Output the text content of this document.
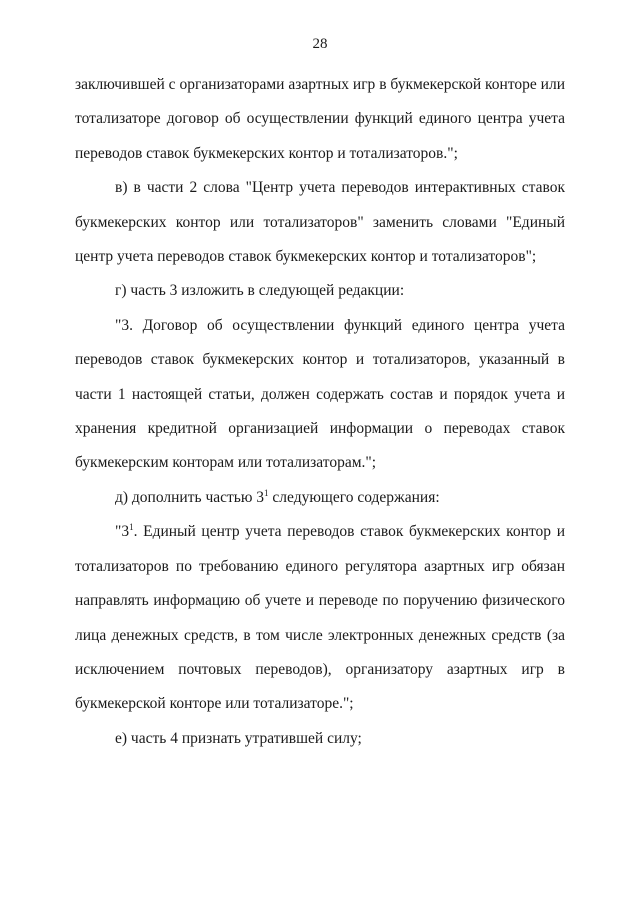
28

заключившей с организаторами азартных игр в букмекерской конторе или
тотализаторе договор об осуществлении функций единого центра учета
переводов ставок букмекерских контор и тотализаторов.";

в) в части 2 слова "Центр учета переводов интерактивных ставок
букмекерских контор или тотализаторов" заменить словами "Единый
центр учета переводов ставок букмекерских контор и тотализаторов";

г) часть 3 изложить в следующей редакции:

"3. Договор об осуществлении функций единого центра учета
переводов ставок букмекерских контор и тотализаторов, указанный в
части 1 настоящей статьи, должен содержать состав и порядок учета и
хранения кредитной организацией информации о переводах ставок
букмекерским конторам или тотализаторам.";

д) дополнить частью $3^1$ следующего содержания:

"$3^1$. Единый центр учета переводов ставок букмекерских контор и
тотализаторов по требованию единого регулятора азартных игр обязан
направлять информацию об учете и переводе по поручению физического
лица денежных средств, в том числе электронных денежных средств (за
исключением почтовых переводов), организатору азартных игр в
букмекерской конторе или тотализаторе.";

е) часть 4 признать утратившей силу;
